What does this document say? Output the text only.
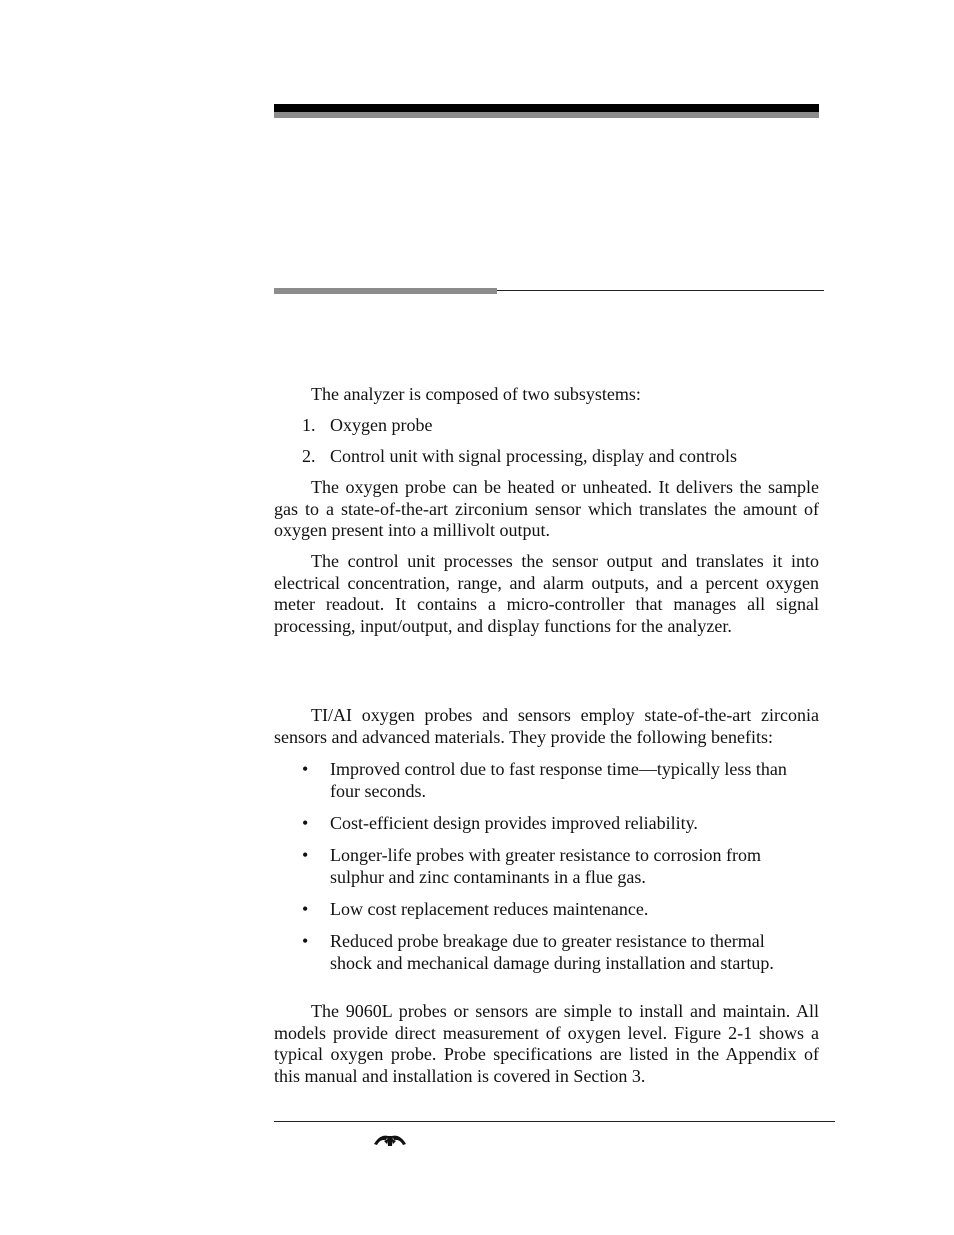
The analyzer is composed of two subsystems:

1. Oxygen probe
2. Control unit with signal processing, display and controls

The oxygen probe can be heated or unheated. It delivers the sample gas to a state-of-the-art zirconium sensor which translates the amount of oxygen present into a millivolt output.

The control unit processes the sensor output and translates it into electrical concentration, range, and alarm outputs, and a percent oxygen meter readout. It contains a micro-controller that manages all signal processing, input/output, and display functions for the analyzer.

TI/AI oxygen probes and sensors employ state-of-the-art zirconia sensors and advanced materials. They provide the following benefits:

• Improved control due to fast response time—typically less than four seconds.
• Cost-efficient design provides improved reliability.
• Longer-life probes with greater resistance to corrosion from sulphur and zinc contaminants in a flue gas.
• Low cost replacement reduces maintenance.
• Reduced probe breakage due to greater resistance to thermal shock and mechanical damage during installation and startup.

The 9060L probes or sensors are simple to install and maintain. All models provide direct measurement of oxygen level. Figure 2-1 shows a typical oxygen probe. Probe specifications are listed in the Appendix of this manual and installation is covered in Section 3.
